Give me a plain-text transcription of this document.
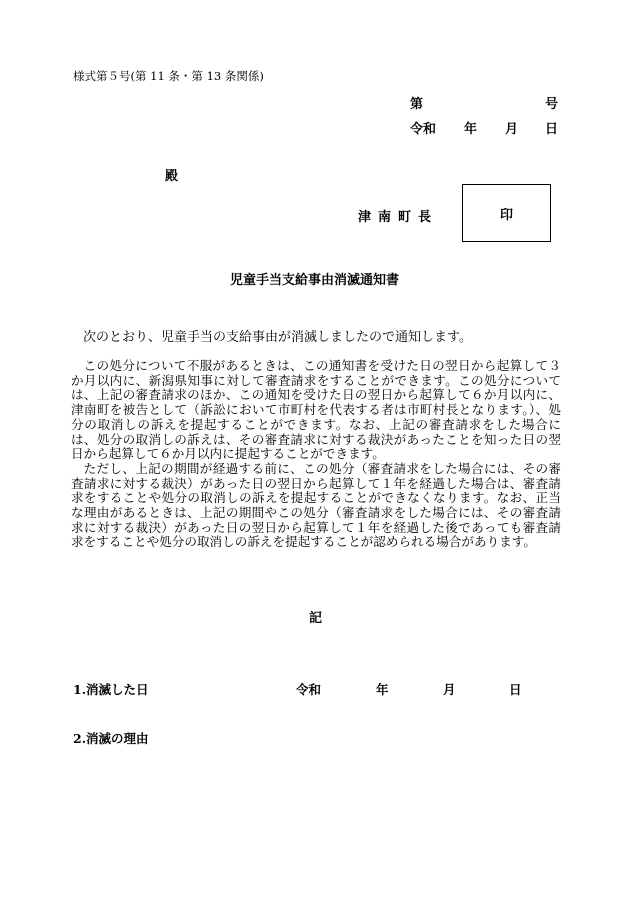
様式第５号(第 11 条・第 13 条関係)
第	号
令和 年 月 日
殿
津南町長	印
児童手当支給事由消滅通知書
次のとおり、児童手当の支給事由が消滅しましたので通知します。

この処分について不服があるときは、この通知書を受けた日の翌日から起算して３か月以内に、新潟県知事に対して審査請求をすることができます。この処分については、上記の審査請求のほか、この通知を受けた日の翌日から起算して６か月以内に、津南町を被告として（訴訟において市町村を代表する者は市町村長となります。）、処分の取消しの訴えを提起することができます。なお、上記の審査請求をした場合には、処分の取消しの訴えは、その審査請求に対する裁決があったことを知った日の翌日から起算して６か月以内に提起することができます。

ただし、上記の期間が経過する前に、この処分（審査請求をした場合には、その審査請求に対する裁決）があった日の翌日から起算して１年を経過した場合は、審査請求をすることや処分の取消しの訴えを提起することができなくなります。なお、正当な理由があるときは、上記の期間やこの処分（審査請求をした場合には、その審査請求に対する裁決）があった日の翌日から起算して１年を経過した後であっても審査請求をすることや処分の取消しの訴えを提起することが認められる場合があります。

記
1.消滅した日	令和	年	月	日
2.消滅の理由
